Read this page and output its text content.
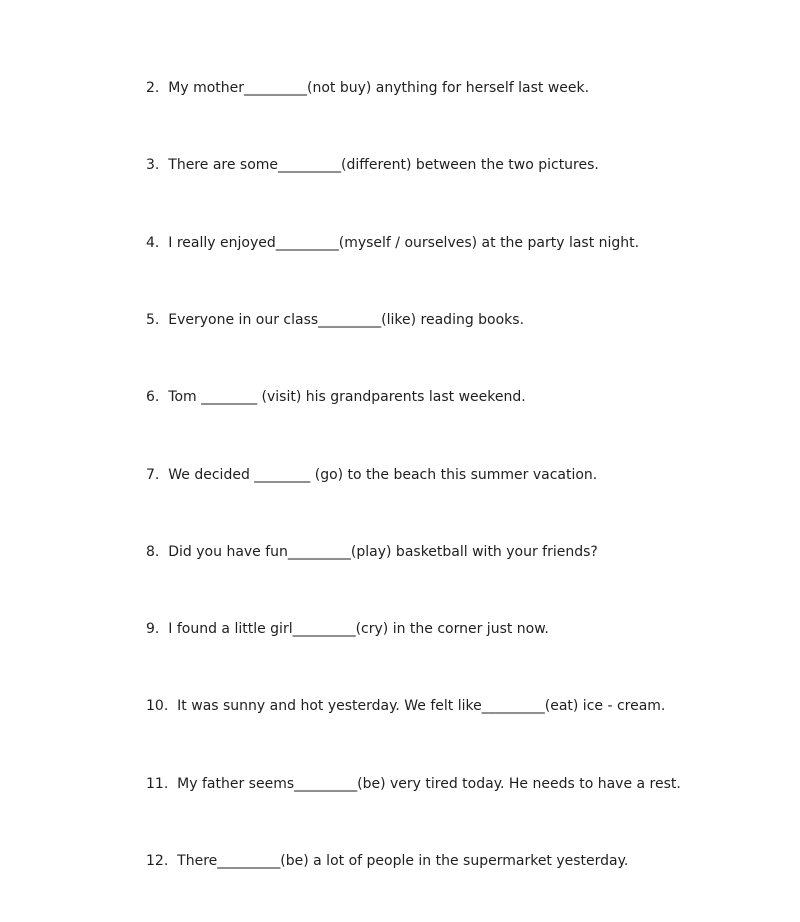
2. My mother_________(not buy) anything for herself last week.
3. There are some_________(different) between the two pictures.
4. I really enjoyed_________(myself / ourselves) at the party last night.
5. Everyone in our class_________(like) reading books.
6. Tom ________ (visit) his grandparents last weekend.
7. We decided ________ (go) to the beach this summer vacation.
8. Did you have fun_________(play) basketball with your friends?
9. I found a little girl_________(cry) in the corner just now.
10. It was sunny and hot yesterday. We felt like_________(eat) ice - cream.
11. My father seems_________(be) very tired today. He needs to have a rest.
12. There_________(be) a lot of people in the supermarket yesterday.
